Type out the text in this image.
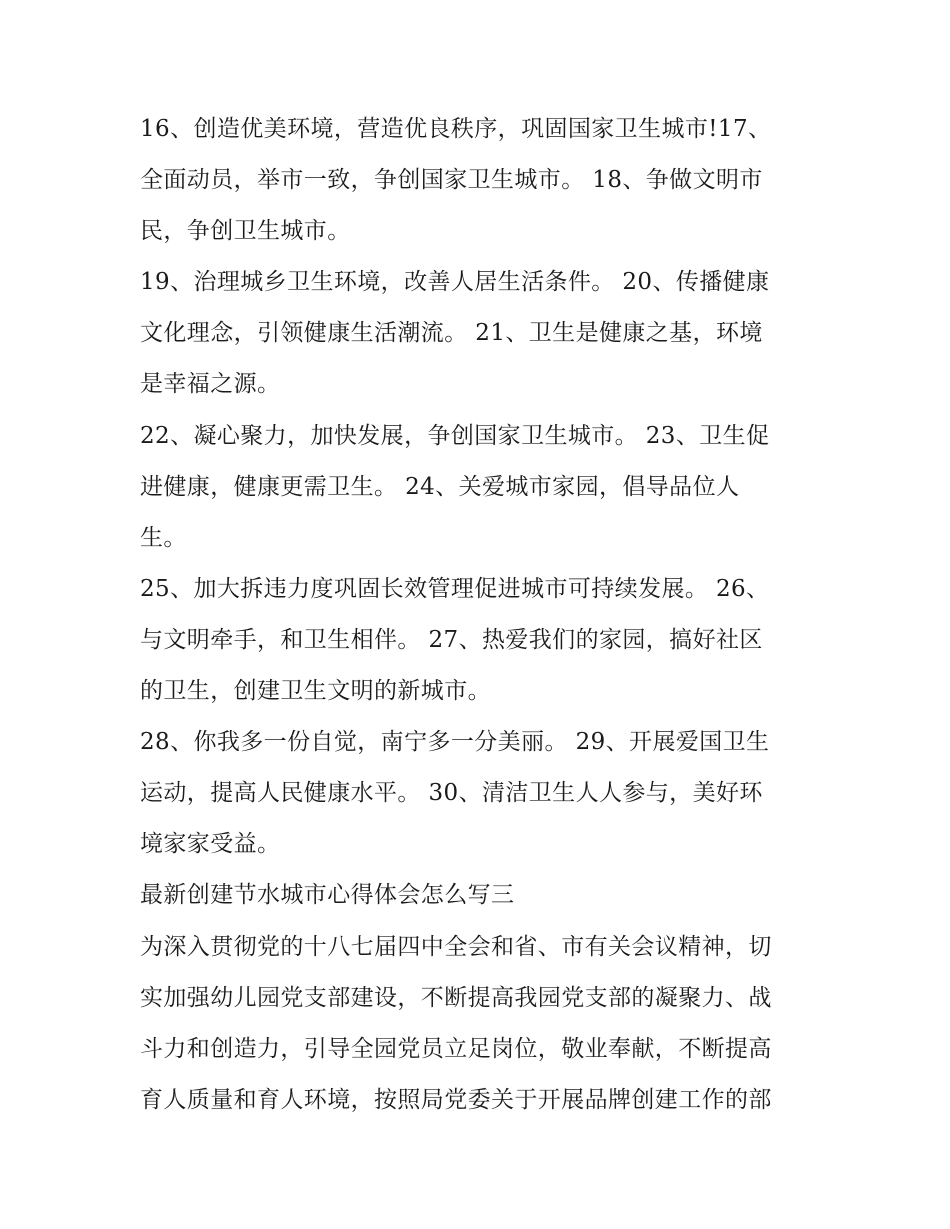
16、创造优美环境，营造优良秩序，巩固国家卫生城市!17、
全面动员，举市一致，争创国家卫生城市。 18、争做文明市
民，争创卫生城市。
19、治理城乡卫生环境，改善人居生活条件。 20、传播健康
文化理念，引领健康生活潮流。 21、卫生是健康之基，环境
是幸福之源。
22、凝心聚力，加快发展，争创国家卫生城市。 23、卫生促
进健康，健康更需卫生。 24、关爱城市家园，倡导品位人
生。
25、加大拆违力度巩固长效管理促进城市可持续发展。 26、
与文明牵手，和卫生相伴。 27、热爱我们的家园，搞好社区
的卫生，创建卫生文明的新城市。
28、你我多一份自觉，南宁多一分美丽。 29、开展爱国卫生
运动，提高人民健康水平。 30、清洁卫生人人参与，美好环
境家家受益。
最新创建节水城市心得体会怎么写三
为深入贯彻党的十八七届四中全会和省、市有关会议精神，切
实加强幼儿园党支部建设，不断提高我园党支部的凝聚力、战
斗力和创造力，引导全园党员立足岗位，敬业奉献，不断提高
育人质量和育人环境，按照局党委关于开展品牌创建工作的部
